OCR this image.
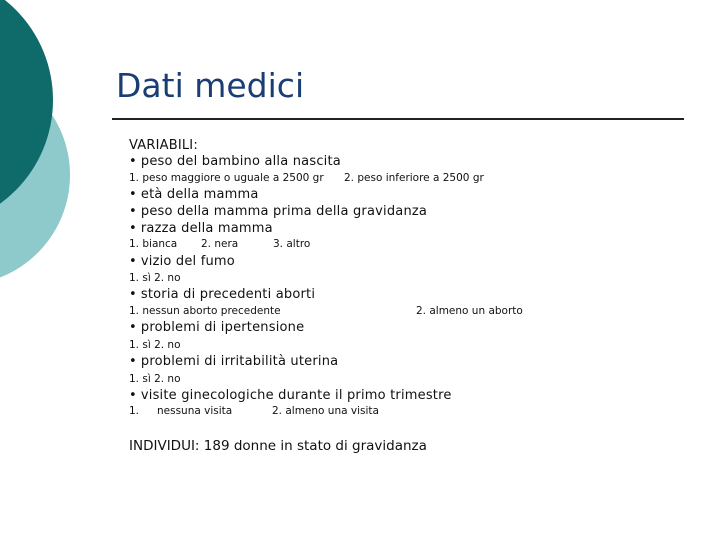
Dati medici
VARIABILI:
• peso del bambino alla nascita
1. peso maggiore o uguale a 2500 gr 2. peso inferiore a 2500 gr
• età della mamma
• peso della mamma prima della gravidanza
• razza della mamma
1. bianca 2. nera	3. altro
• vizio del fumo
1. sì 2. no
• storia di precedenti aborti
1. nessun aborto precedente	2. almeno un aborto
• problemi di ipertensione
1. sì 2. no
• problemi di irritabilità uterina
1. sì 2. no
• visite ginecologiche durante il primo trimestre
1. nessuna visita	2. almeno una visita
INDIVIDUI: 189 donne in stato di gravidanza
